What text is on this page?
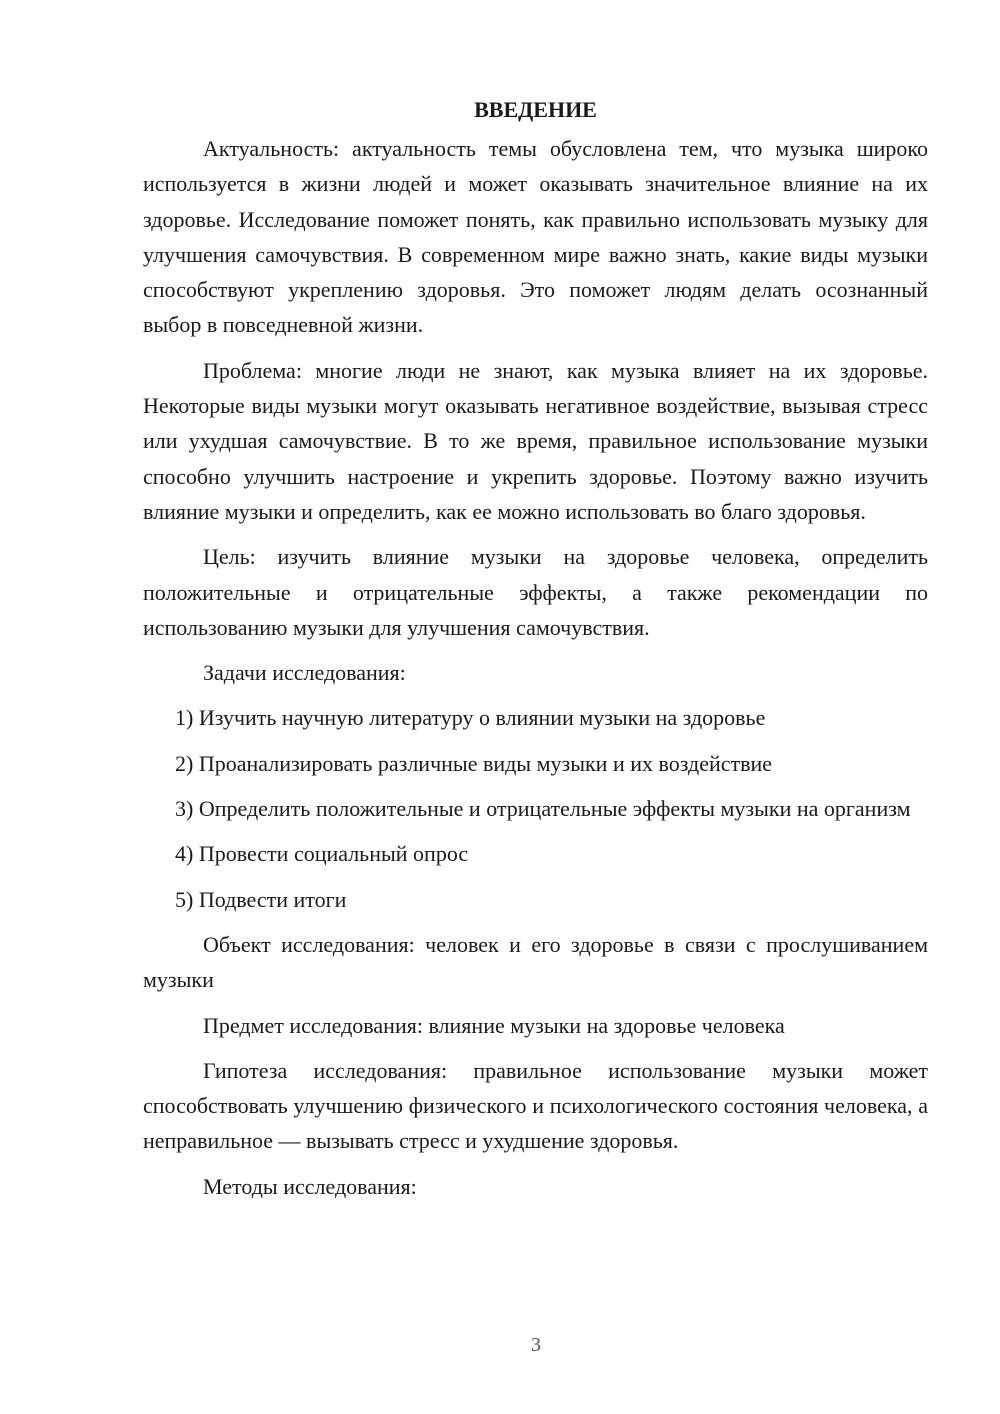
ВВЕДЕНИЕ

Актуальность: актуальность темы обусловлена тем, что музыка широко используется в жизни людей и может оказывать значительное влияние на их здоровье. Исследование поможет понять, как правильно использовать музыку для улучшения самочувствия. В современном мире важно знать, какие виды музыки способствуют укреплению здоровья. Это поможет людям делать осознанный выбор в повседневной жизни.

Проблема: многие люди не знают, как музыка влияет на их здоровье. Некоторые виды музыки могут оказывать негативное воздействие, вызывая стресс или ухудшая самочувствие. В то же время, правильное использование музыки способно улучшить настроение и укрепить здоровье. Поэтому важно изучить влияние музыки и определить, как ее можно использовать во благо здоровья.

Цель: изучить влияние музыки на здоровье человека, определить положительные и отрицательные эффекты, а также рекомендации по использованию музыки для улучшения самочувствия.

Задачи исследования:

1) Изучить научную литературу о влиянии музыки на здоровье

2) Проанализировать различные виды музыки и их воздействие

3) Определить положительные и отрицательные эффекты музыки на организм

4) Провести социальный опрос

5) Подвести итоги

Объект исследования: человек и его здоровье в связи с прослушиванием музыки

Предмет исследования: влияние музыки на здоровье человека

Гипотеза исследования: правильное использование музыки может способствовать улучшению физического и психологического состояния человека, а неправильное — вызывать стресс и ухудшение здоровья.

Методы исследования:

3
